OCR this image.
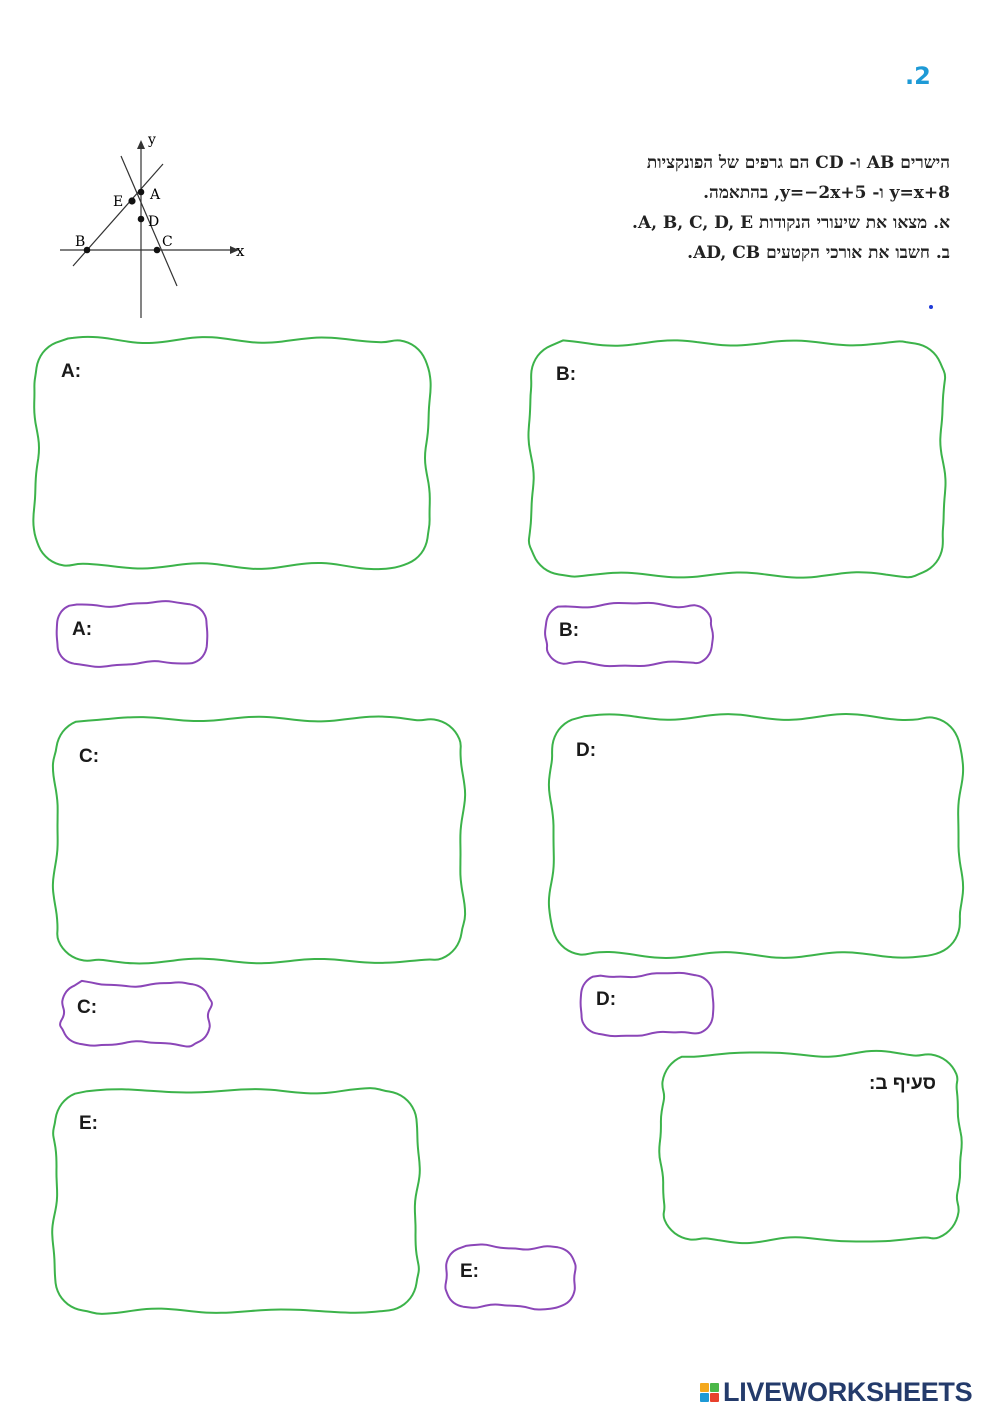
.2
הישרים AB ו- CD הם גרפים של הפונקציות
y=x+8 ו- y=−2x+5, בהתאמה.
א. מצאו את שיעורי הנקודות A, B, C, D, E.
ב. חשבו את אורכי הקטעים AD, CB.
x
y
A
B	C
D
E
A:	B:
A:	B:
C:	D:
C:	D:
סעיף ב:
E:
E:
LIVEWORKSHEETS
